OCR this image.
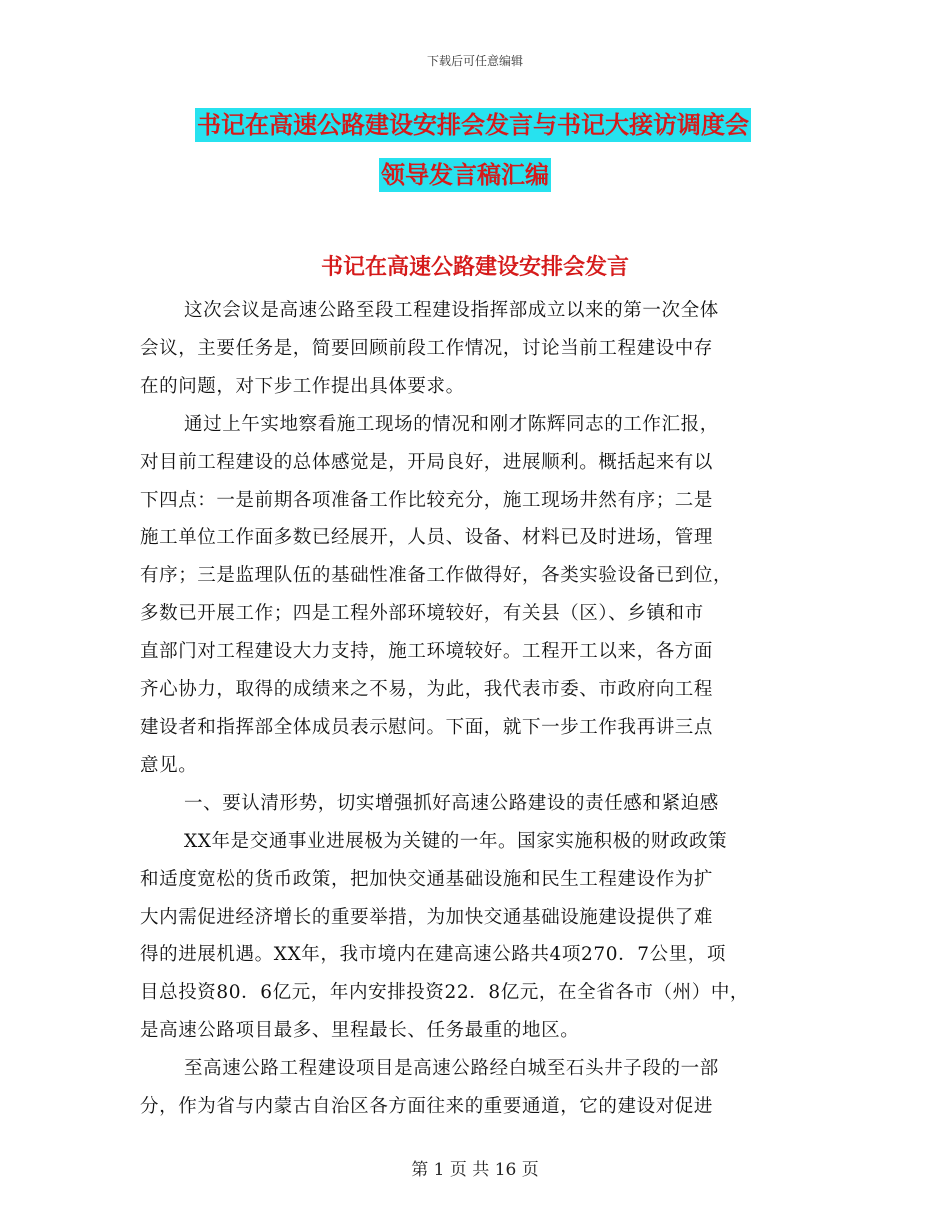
下载后可任意编辑
书记在高速公路建设安排会发言与书记大接访调度会
领导发言稿汇编
书记在高速公路建设安排会发言
这次会议是高速公路至段工程建设指挥部成立以来的第一次全体
会议，主要任务是，简要回顾前段工作情况，讨论当前工程建设中存
在的问题，对下步工作提出具体要求。
通过上午实地察看施工现场的情况和刚才陈辉同志的工作汇报，
对目前工程建设的总体感觉是，开局良好，进展顺利。概括起来有以
下四点：一是前期各项准备工作比较充分，施工现场井然有序；二是
施工单位工作面多数已经展开，人员、设备、材料已及时进场，管理
有序；三是监理队伍的基础性准备工作做得好，各类实验设备已到位，
多数已开展工作；四是工程外部环境较好，有关县（区）、乡镇和市
直部门对工程建设大力支持，施工环境较好。工程开工以来，各方面
齐心协力，取得的成绩来之不易，为此，我代表市委、市政府向工程
建设者和指挥部全体成员表示慰问。下面，就下一步工作我再讲三点
意见。
一、要认清形势，切实增强抓好高速公路建设的责任感和紧迫感
XX年是交通事业进展极为关键的一年。国家实施积极的财政政策
和适度宽松的货币政策，把加快交通基础设施和民生工程建设作为扩
大内需促进经济增长的重要举措，为加快交通基础设施建设提供了难
得的进展机遇。XX年，我市境内在建高速公路共4项270．7公里，项
目总投资80．6亿元，年内安排投资22．8亿元，在全省各市（州）中，
是高速公路项目最多、里程最长、任务最重的地区。
至高速公路工程建设项目是高速公路经白城至石头井子段的一部
分，作为省与内蒙古自治区各方面往来的重要通道，它的建设对促进
第 1 页 共 16 页
